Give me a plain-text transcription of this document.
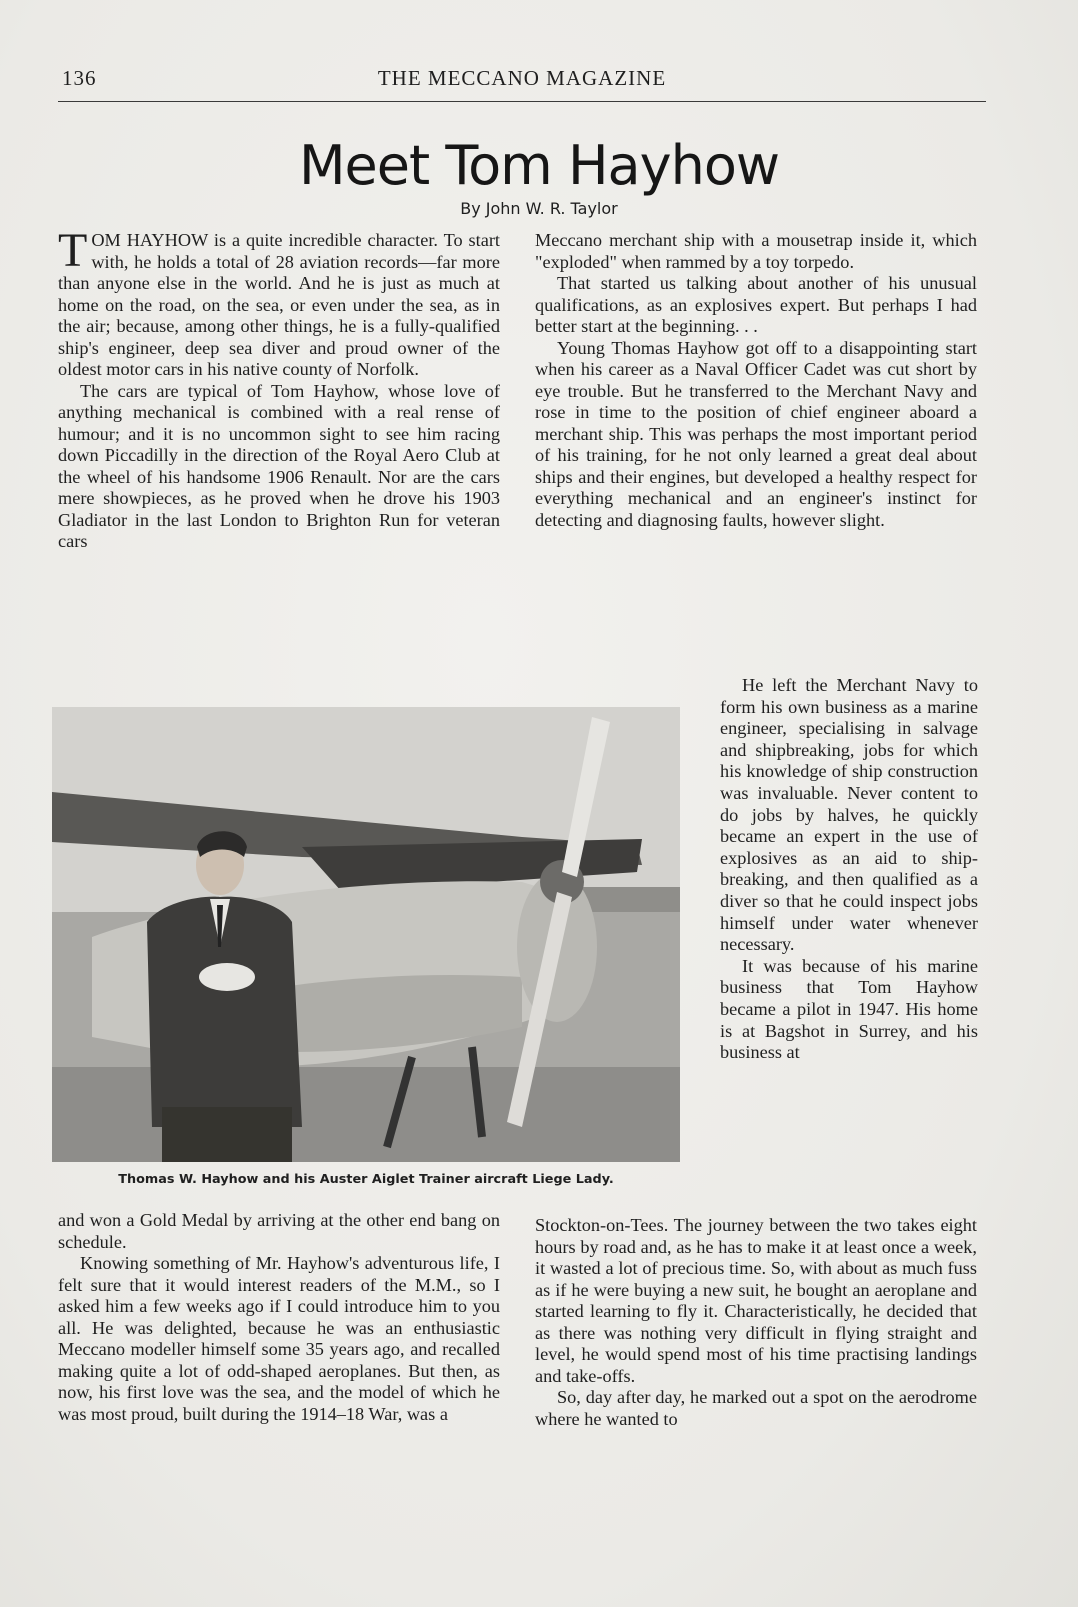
136	THE MECCANO MAGAZINE
Meet Tom Hayhow
By John W. R. Taylor

TOM HAYHOW is a quite incredible character. To start with, he holds a total of 28 aviation records—far more than anyone else in the world. And he is just as much at home on the road, on the sea, or even under the sea, as in the air; because, among other things, he is a fully-qualified ship's engineer, deep sea diver and proud owner of the oldest motor cars in his native county of Norfolk.

The cars are typical of Tom Hayhow, whose love of anything mechanical is combined with a real rense of humour; and it is no uncommon sight to see him racing down Piccadilly in the direction of the Royal Aero Club at the wheel of his handsome 1906 Renault. Nor are the cars mere showpieces, as he proved when he drove his 1903 Gladiator in the last London to Brighton Run for veteran cars

Meccano merchant ship with a mousetrap inside it, which "exploded" when rammed by a toy torpedo.

That started us talking about another of his unusual qualifications, as an explosives expert. But perhaps I had better start at the beginning. . .

Young Thomas Hayhow got off to a disappointing start when his career as a Naval Officer Cadet was cut short by eye trouble. But he transferred to the Merchant Navy and rose in time to the position of chief engineer aboard a merchant ship. This was perhaps the most important period of his training, for he not only learned a great deal about ships and their engines, but developed a healthy respect for everything mechanical and an engineer's instinct for detecting and diagnosing faults, however slight.

Thomas W. Hayhow and his Auster Aiglet Trainer aircraft Liege Lady.

He left the Merchant Navy to form his own business as a marine engineer, specialising in salvage and shipbreaking, jobs for which his knowledge of ship construction was invaluable. Never content to do jobs by halves, he quickly became an expert in the use of explosives as an aid to ship-breaking, and then qualified as a diver so that he could inspect jobs himself under water whenever necessary.

It was because of his marine business that Tom Hayhow became a pilot in 1947. His home is at Bagshot in Surrey, and his business at

and won a Gold Medal by arriving at the other end bang on schedule.

Knowing something of Mr. Hayhow's adventurous life, I felt sure that it would interest readers of the M.M., so I asked him a few weeks ago if I could introduce him to you all. He was delighted, because he was an enthusiastic Meccano modeller himself some 35 years ago, and recalled making quite a lot of odd-shaped aeroplanes. But then, as now, his first love was the sea, and the model of which he was most proud, built during the 1914–18 War, was a

Stockton-on-Tees. The journey between the two takes eight hours by road and, as he has to make it at least once a week, it wasted a lot of precious time. So, with about as much fuss as if he were buying a new suit, he bought an aeroplane and started learning to fly it. Characteristically, he decided that as there was nothing very difficult in flying straight and level, he would spend most of his time practising landings and take-offs.

So, day after day, he marked out a spot on the aerodrome where he wanted to
